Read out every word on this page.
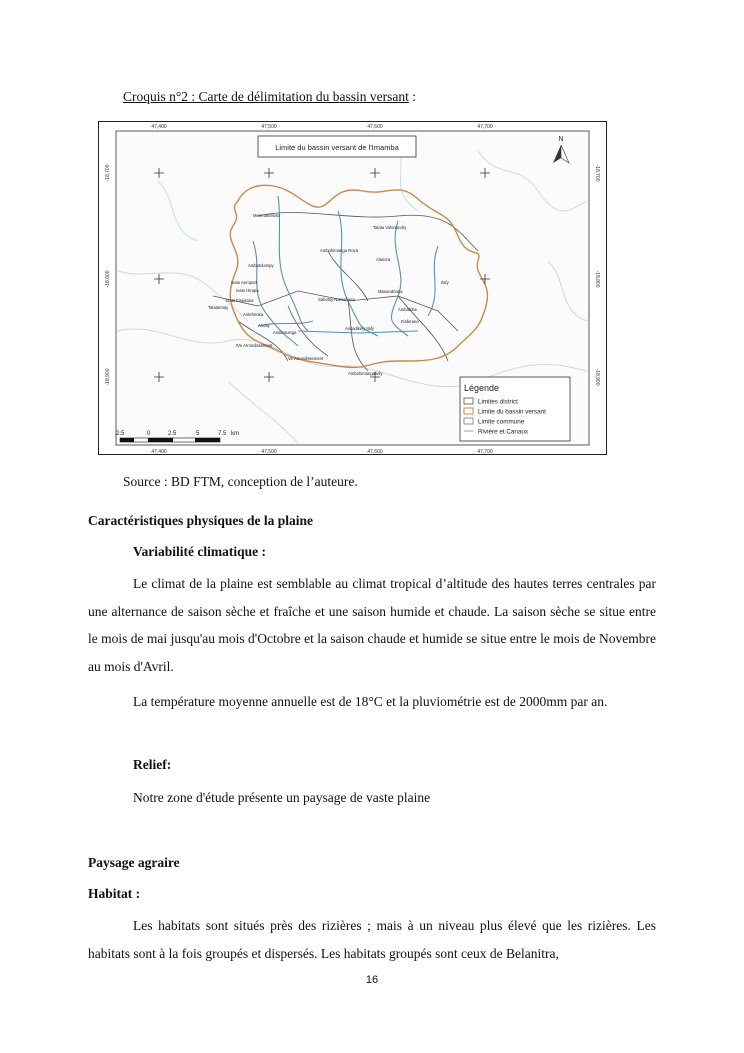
Croquis n°2 : Carte de délimitation du bassin versant :
Limite du bassin versant de l'Imamba
N
47,400	47,500	47,600	47,700
47,400	47,500	47,600	47,700
-18,700
-18,800
-18,900
-18,700
-18,800
-18,900
Merimandroso
Talata Volonondry
Ambohimanga Rova
Alasora
Ambatolampy
Ivato Aeroport
Ivato Firaisana
Talatamaty
Antehiroka
Sabotsy Namehana
Manandriana
Ilafy
Anosy
Analamanga
Fiaferana
Ankadikely Ilafy
Ivato Hirapa
Ambatobe
IVe Arrondissement
Ve Arrondissement
Ambohimangakely
Légende
Limites district
Limite du bassin versant
Limite commune
Rivière et Canaux
2.5	0	2.5	5	7.5 km
Source : BD FTM, conception de l’auteure.
Caractéristiques physiques de la plaine
Variabilité climatique :
Le climat de la plaine est semblable au climat tropical d’altitude des hautes terres centrales par une alternance de saison sèche et fraîche et une saison humide et chaude. La saison sèche se situe entre le mois de mai jusqu'au mois d'Octobre et la saison chaude et humide se situe entre le mois de Novembre au mois d'Avril.
La température moyenne annuelle est de 18°C et la pluviométrie est de 2000mm par an.
Relief:
Notre zone d'étude présente un paysage de vaste plaine
Paysage agraire
Habitat :
Les habitats sont situés près des rizières ; mais à un niveau plus élevé que les rizières. Les habitats sont à la fois groupés et dispersés. Les habitats groupés sont ceux de Belanitra,
16
